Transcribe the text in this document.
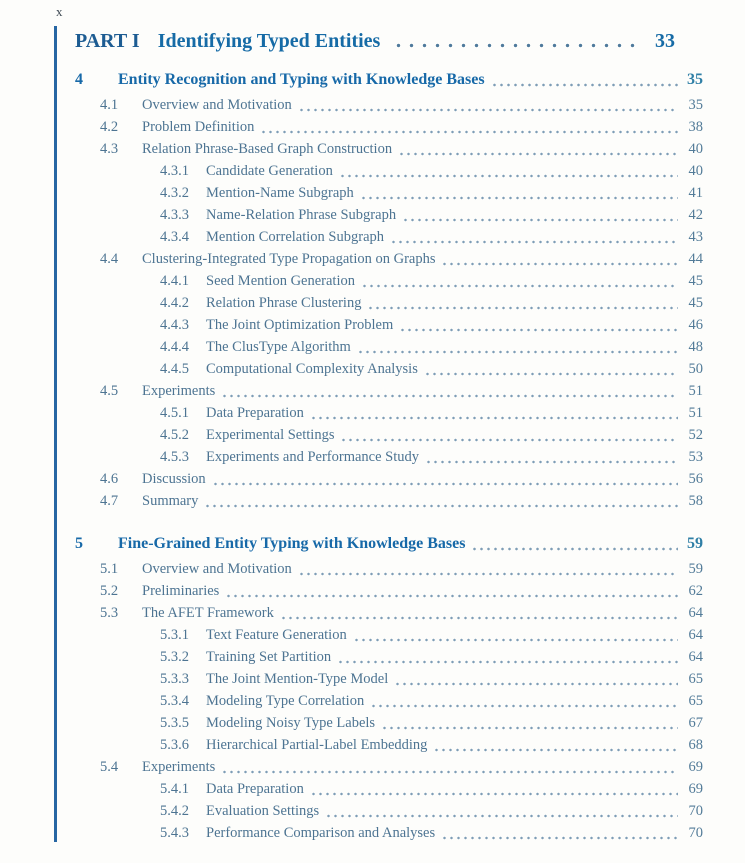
x
PART I Identifying Typed Entities	33
4	Entity Recognition and Typing with Knowledge Bases	35
4.1	Overview and Motivation	35
4.2	Problem Definition	38
4.3	Relation Phrase-Based Graph Construction	40
4.3.1	Candidate Generation	40
4.3.2	Mention-Name Subgraph	41
4.3.3	Name-Relation Phrase Subgraph	42
4.3.4	Mention Correlation Subgraph	43
4.4	Clustering-Integrated Type Propagation on Graphs	44
4.4.1	Seed Mention Generation	45
4.4.2	Relation Phrase Clustering	45
4.4.3	The Joint Optimization Problem	46
4.4.4	The ClusType Algorithm	48
4.4.5	Computational Complexity Analysis	50
4.5	Experiments	51
4.5.1	Data Preparation	51
4.5.2	Experimental Settings	52
4.5.3	Experiments and Performance Study	53
4.6	Discussion	56
4.7	Summary	58
5	Fine-Grained Entity Typing with Knowledge Bases	59
5.1	Overview and Motivation	59
5.2	Preliminaries	62
5.3	The AFET Framework	64
5.3.1	Text Feature Generation	64
5.3.2	Training Set Partition	64
5.3.3	The Joint Mention-Type Model	65
5.3.4	Modeling Type Correlation	65
5.3.5	Modeling Noisy Type Labels	67
5.3.6	Hierarchical Partial-Label Embedding	68
5.4	Experiments	69
5.4.1	Data Preparation	69
5.4.2	Evaluation Settings	70
5.4.3	Performance Comparison and Analyses	70
